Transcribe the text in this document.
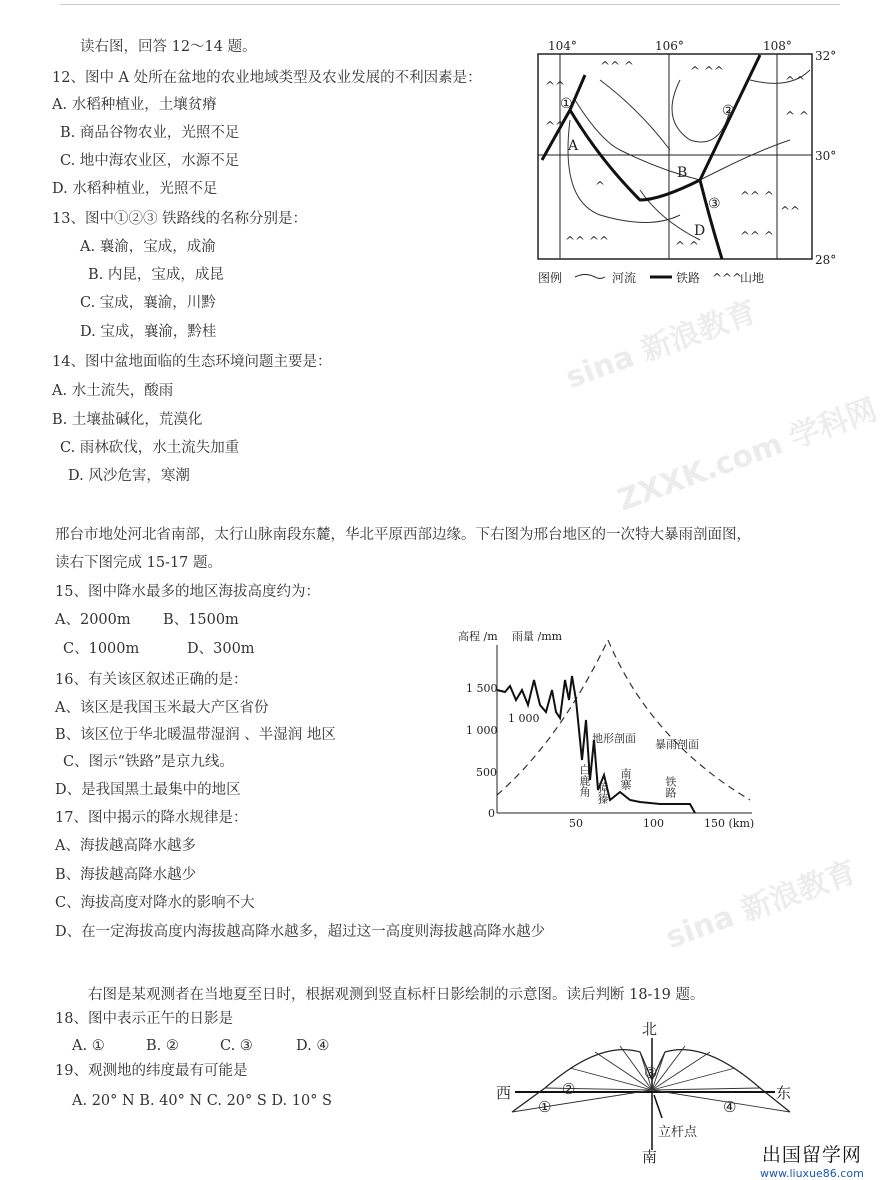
sina 新浪教育
ZXXK.com 学科网
sina 新浪教育
读右图，回答 12～14 题。
12、图中 A 处所在盆地的农业地域类型及农业发展的不利因素是：
A. 水稻种植业，土壤贫瘠
B. 商品谷物农业，光照不足
C. 地中海农业区，水源不足
D. 水稻种植业，光照不足
13、图中①②③ 铁路线的名称分别是：
A. 襄渝，宝成，成渝
B. 内昆，宝成，成昆
C. 宝成，襄渝，川黔
D. 宝成，襄渝，黔桂
14、图中盆地面临的生态环境问题主要是：
A. 水土流失，酸雨
B. 土壤盐碱化，荒漠化
C. 雨林砍伐，水土流失加重
D. 风沙危害，寒潮
104°	106°	108°
32°
30°
28°
^^
^^ ^	^ ^^
^^
^ ^
^^
^^ ^
^^
^^ ^^	^ ^
^^ ^
^
A
B
D
①	②
③
图例	河流	铁路 ^^^
山地
邢台市地处河北省南部，太行山脉南段东麓，华北平原西部边缘。下右图为邢台地区的一次特大暴雨剖面图，
读右下图完成 15-17 题。
15、图中降水最多的地区海拔高度约为：
A、2000m B、1500m
C、1000m	D、300m
16、有关该区叙述正确的是：
A、该区是我国玉米最大产区省份
B、该区位于华北暖温带湿润 、半湿润 地区
C、图示“铁路”是京九线。
D、是我国黑土最集中的地区
17、图中揭示的降水规律是：
A、海拔越高降水越多
B、海拔越高降水越少
C、海拔高度对降水的影响不大
D、在一定海拔高度内海拔越高降水越多，超过这一高度则海拔越高降水越少
高程 /m 雨量 /mm
1 500
1 000
500
0
1 000
50	100	150 (km)
地形剖面 暴雨剖面
白鹿角 獐獉
南寨	铁路
右图是某观测者在当地夏至日时，根据观测到竖直标杆日影绘制的示意图。读后判断 18-19 题。
18、图中表示正午的日影是
A. ①	B. ②	C. ③	D. ④
19、观测地的纬度最有可能是
A. 20° N B. 40° N C. 20° S D. 10° S
北
南
西	东
立杆点
①
②
③
④
出国留学网
www.liuxue86.com
